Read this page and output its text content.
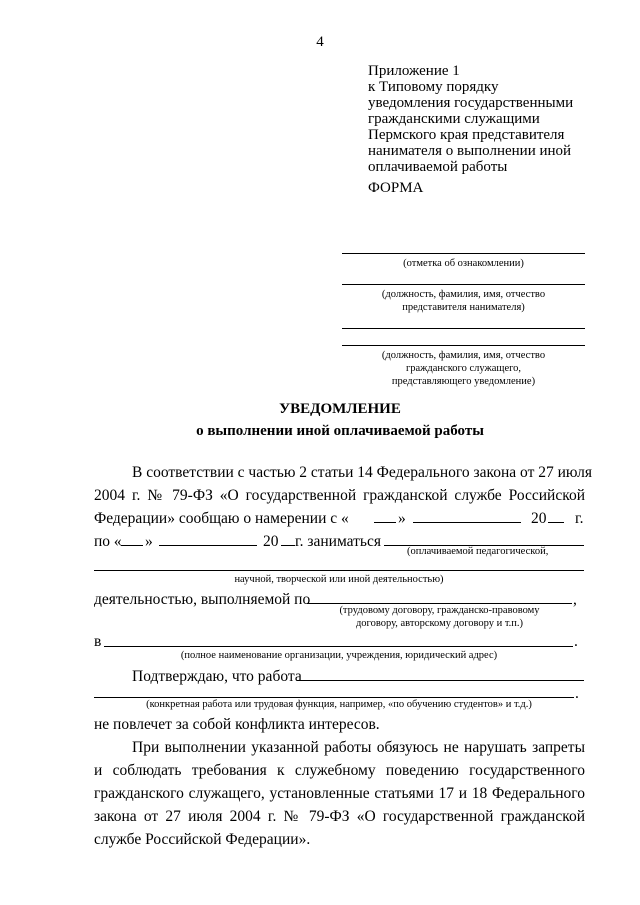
4
Приложение 1
к Типовому порядку
уведомления государственными
гражданскими служащими
Пермского края представителя
нанимателя о выполнении иной
оплачиваемой работы
ФОРМА
(отметка об ознакомлении)
(должность, фамилия, имя, отчество
представителя нанимателя)
(должность, фамилия, имя, отчество
гражданского служащего,
представляющего уведомление)
УВЕДОМЛЕНИЕ
о выполнении иной оплачиваемой работы
В соответствии с частью 2 статьи 14 Федерального закона от 27 июля
2004 г. № 79-ФЗ «О государственной гражданской службе Российской
Федерации» сообщаю о намерении с «	»	20 г.
по « »	20 г. заниматься
(оплачиваемой педагогической,
научной, творческой или иной деятельностью)
деятельностью, выполняемой по	,
(трудовому договору, гражданско-правовому
договору, авторскому договору и т.п.)
в	.
(полное наименование организации, учреждения, юридический адрес)
Подтверждаю, что работа
.
(конкретная работа или трудовая функция, например, «по обучению студентов» и т.д.)
не повлечет за собой конфликта интересов.
При выполнении указанной работы обязуюсь не нарушать запреты
и соблюдать требования к служебному поведению государственного
гражданского служащего, установленные статьями 17 и 18 Федерального
закона от 27 июля 2004 г. № 79-ФЗ «О государственной гражданской
службе Российской Федерации».
